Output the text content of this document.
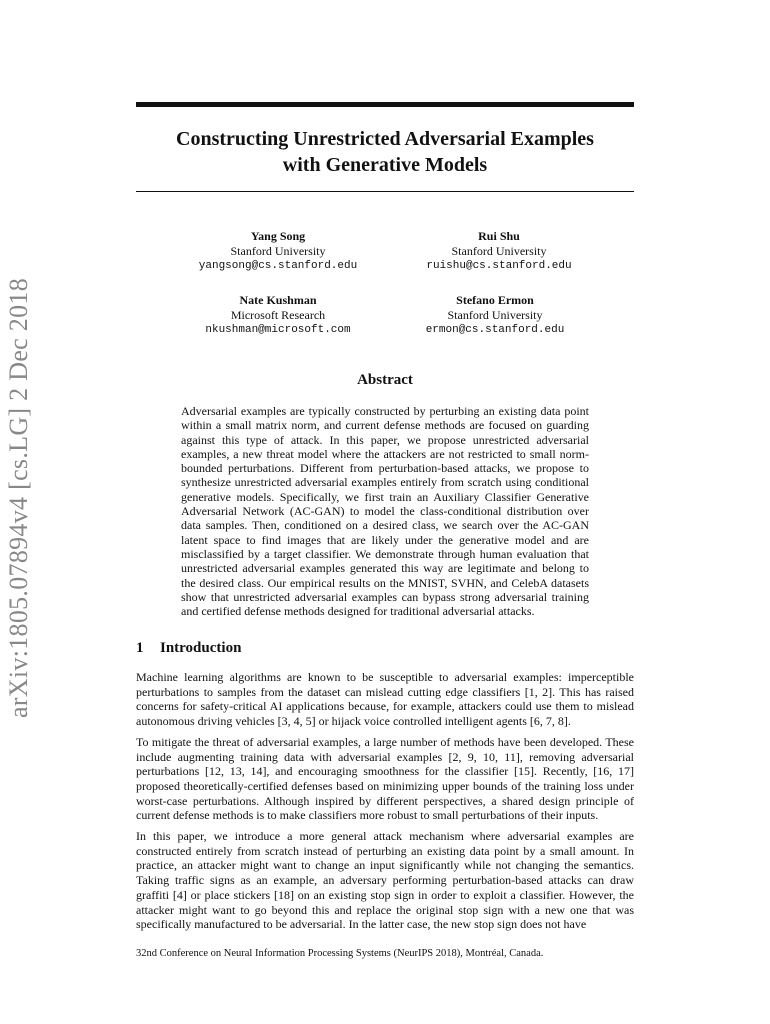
arXiv:1805.07894v4 [cs.LG] 2 Dec 2018
Constructing Unrestricted Adversarial Examples
with Generative Models
Yang Song
Stanford University
yangsong@cs.stanford.edu
Rui Shu
Stanford University
ruishu@cs.stanford.edu
Nate Kushman
Microsoft Research
nkushman@microsoft.com
Stefano Ermon
Stanford University
ermon@cs.stanford.edu
Abstract
Adversarial examples are typically constructed by perturbing an existing data point within a small matrix norm, and current defense methods are focused on guarding against this type of attack. In this paper, we propose unrestricted adversarial examples, a new threat model where the attackers are not restricted to small norm-bounded perturbations. Different from perturbation-based attacks, we propose to synthesize unrestricted adversarial examples entirely from scratch using conditional generative models. Specifically, we first train an Auxiliary Classifier Generative Adversarial Network (AC-GAN) to model the class-conditional distribution over data samples. Then, conditioned on a desired class, we search over the AC-GAN latent space to find images that are likely under the generative model and are misclassified by a target classifier. We demonstrate through human evaluation that unrestricted adversarial examples generated this way are legitimate and belong to the desired class. Our empirical results on the MNIST, SVHN, and CelebA datasets show that unrestricted adversarial examples can bypass strong adversarial training and certified defense methods designed for traditional adversarial attacks.
1 Introduction

Machine learning algorithms are known to be susceptible to adversarial examples: imperceptible perturbations to samples from the dataset can mislead cutting edge classifiers [1, 2]. This has raised concerns for safety-critical AI applications because, for example, attackers could use them to mislead autonomous driving vehicles [3, 4, 5] or hijack voice controlled intelligent agents [6, 7, 8].

To mitigate the threat of adversarial examples, a large number of methods have been developed. These include augmenting training data with adversarial examples [2, 9, 10, 11], removing adversarial perturbations [12, 13, 14], and encouraging smoothness for the classifier [15]. Recently, [16, 17] proposed theoretically-certified defenses based on minimizing upper bounds of the training loss under worst-case perturbations. Although inspired by different perspectives, a shared design principle of current defense methods is to make classifiers more robust to small perturbations of their inputs.

In this paper, we introduce a more general attack mechanism where adversarial examples are constructed entirely from scratch instead of perturbing an existing data point by a small amount. In practice, an attacker might want to change an input significantly while not changing the semantics. Taking traffic signs as an example, an adversary performing perturbation-based attacks can draw graffiti [4] or place stickers [18] on an existing stop sign in order to exploit a classifier. However, the attacker might want to go beyond this and replace the original stop sign with a new one that was specifically manufactured to be adversarial. In the latter case, the new stop sign does not have

32nd Conference on Neural Information Processing Systems (NeurIPS 2018), Montréal, Canada.
